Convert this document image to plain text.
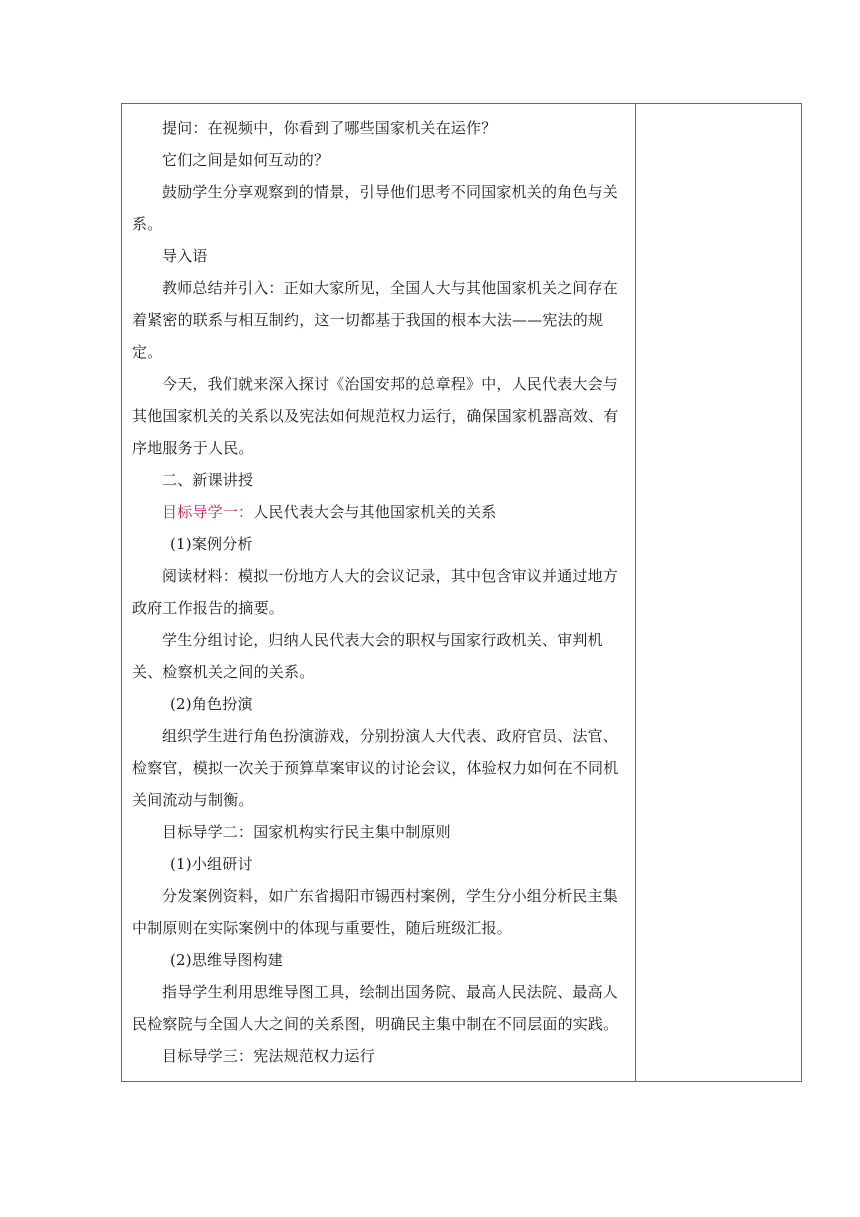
提问：在视频中，你看到了哪些国家机关在运作？

它们之间是如何互动的？

鼓励学生分享观察到的情景，引导他们思考不同国家机关的角色与关系。

导入语

教师总结并引入：正如大家所见，全国人大与其他国家机关之间存在着紧密的联系与相互制约，这一切都基于我国的根本大法——宪法的规定。

今天，我们就来深入探讨《治国安邦的总章程》中，人民代表大会与其他国家机关的关系以及宪法如何规范权力运行，确保国家机器高效、有序地服务于人民。

二、新课讲授

目标导学一：人民代表大会与其他国家机关的关系

(1)案例分析

阅读材料：模拟一份地方人大的会议记录，其中包含审议并通过地方政府工作报告的摘要。

学生分组讨论，归纳人民代表大会的职权与国家行政机关、审判机关、检察机关之间的关系。

(2)角色扮演

组织学生进行角色扮演游戏，分别扮演人大代表、政府官员、法官、检察官，模拟一次关于预算草案审议的讨论会议，体验权力如何在不同机关间流动与制衡。

目标导学二：国家机构实行民主集中制原则

(1)小组研讨

分发案例资料，如广东省揭阳市锡西村案例，学生分小组分析民主集中制原则在实际案例中的体现与重要性，随后班级汇报。

(2)思维导图构建

指导学生利用思维导图工具，绘制出国务院、最高人民法院、最高人民检察院与全国人大之间的关系图，明确民主集中制在不同层面的实践。

目标导学三：宪法规范权力运行
